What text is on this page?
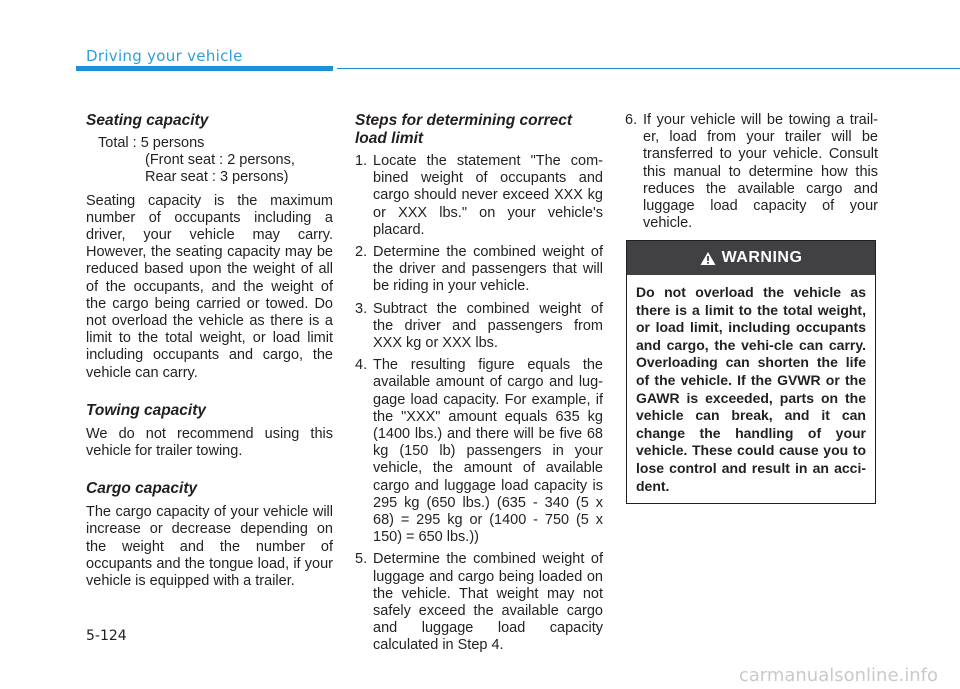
Driving your vehicle
Seating capacity
Total : 5 persons
(Front seat : 2 persons,
Rear seat : 3 persons)

Seating capacity is the maximum number of occupants including a driver, your vehicle may carry. However, the seating capacity may be reduced based upon the weight of all of the occupants, and the weight of the cargo being carried or towed. Do not overload the vehicle as there is a limit to the total weight, or load limit including occupants and cargo, the vehicle can carry.

Towing capacity

We do not recommend using this vehicle for trailer towing.

Cargo capacity

The cargo capacity of your vehicle will increase or decrease depending on the weight and the number of occupants and the tongue load, if your vehicle is equipped with a trailer.

Steps for determining correct load limit
1. Locate the statement "The com-bined weight of occupants and cargo should never exceed XXX kg or XXX lbs." on your vehicle's placard.
2. Determine the combined weight of the driver and passengers that will be riding in your vehicle.
3. Subtract the combined weight of the driver and passengers from XXX kg or XXX lbs.
4. The resulting figure equals the available amount of cargo and lug-gage load capacity. For example, if the "XXX" amount equals 635 kg (1400 lbs.) and there will be five 68 kg (150 lb) passengers in your vehicle, the amount of available cargo and luggage load capacity is 295 kg (650 lbs.) (635 - 340 (5 x 68) = 295 kg or (1400 - 750 (5 x 150) = 650 lbs.))
5. Determine the combined weight of luggage and cargo being loaded on the vehicle. That weight may not safely exceed the available cargo and luggage load capacity calculated in Step 4.
6. If your vehicle will be towing a trail-er, load from your trailer will be transferred to your vehicle. Consult this manual to determine how this reduces the available cargo and luggage load capacity of your vehicle.
WARNING
Do not overload the vehicle as there is a limit to the total weight, or load limit, including occupants and cargo, the vehi-cle can carry. Overloading can shorten the life of the vehicle. If the GVWR or the GAWR is exceeded, parts on the vehicle can break, and it can change the handling of your vehicle. These could cause you to lose control and result in an acci-dent.
5-124
carmanualsonline.info
